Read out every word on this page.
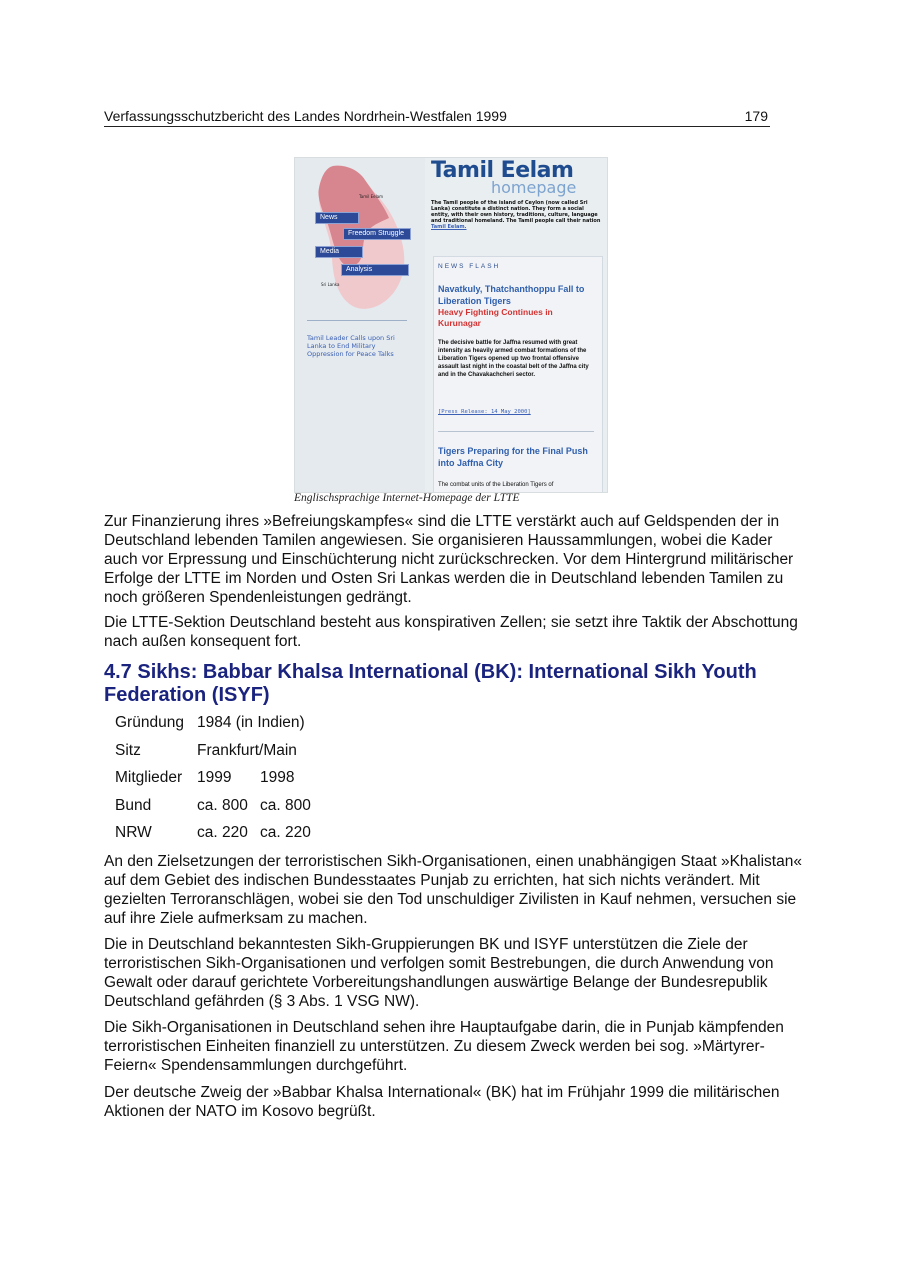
Verfassungsschutzbericht des Landes Nordrhein-Westfalen 1999	179
Tamil Eelam
Sri Lanka
News
Freedom Struggle
Media
Analysis
Tamil Leader Calls upon Sri Lanka to End Military Oppression for Peace Talks
Tamil Eelam
homepage
The Tamil people of the island of Ceylon (now called Sri Lanka) constitute a distinct nation. They form a social entity, with their own history, traditions, culture, language and traditional homeland. The Tamil people call their nation Tamil Eelam.
NEWS FLASH
Navatkuly, Thatchanthoppu Fall to Liberation Tigers
Heavy Fighting Continues in Kurunagar
The decisive battle for Jaffna resumed with great intensity as heavily armed combat formations of the Liberation Tigers opened up two frontal offensive assault last night in the coastal belt of the Jaffna city and in the Chavakachcheri sector.
[Press Release: 14 May 2000]
Tigers Preparing for the Final Push into Jaffna City
The combat units of the Liberation Tigers of
Englischsprachige Internet-Homepage der LTTE

Zur Finanzierung ihres »Befreiungskampfes« sind die LTTE verstärkt auch auf Geldspenden der in Deutschland lebenden Tamilen angewiesen. Sie organisieren Haussammlungen, wobei die Kader auch vor Erpressung und Einschüchterung nicht zurückschrecken. Vor dem Hintergrund militärischer Erfolge der LTTE im Norden und Osten Sri Lankas werden die in Deutschland lebenden Tamilen zu noch größeren Spendenleistungen gedrängt.

Die LTTE-Sektion Deutschland besteht aus konspirativen Zellen; sie setzt ihre Taktik der Abschottung nach außen konsequent fort.

4.7 Sikhs: Babbar Khalsa International (BK): International Sikh Youth Federation (ISYF)
Gründung 1984 (in Indien)
Sitz	Frankfurt/Main
Mitglieder 1999 1998
Bund	ca. 800 ca. 800
NRW	ca. 220 ca. 220

An den Zielsetzungen der terroristischen Sikh-Organisationen, einen unabhängigen Staat »Khalistan« auf dem Gebiet des indischen Bundesstaates Punjab zu errichten, hat sich nichts verändert. Mit gezielten Terroranschlägen, wobei sie den Tod unschuldiger Zivilisten in Kauf nehmen, versuchen sie auf ihre Ziele aufmerksam zu machen.

Die in Deutschland bekanntesten Sikh-Gruppierungen BK und ISYF unterstützen die Ziele der terroristischen Sikh-Organisationen und verfolgen somit Bestrebungen, die durch Anwendung von Gewalt oder darauf gerichtete Vorbereitungshandlungen auswärtige Belange der Bundesrepublik Deutschland gefährden (§ 3 Abs. 1 VSG NW).

Die Sikh-Organisationen in Deutschland sehen ihre Hauptaufgabe darin, die in Punjab kämpfenden terroristischen Einheiten finanziell zu unterstützen. Zu diesem Zweck werden bei sog. »Märtyrer-Feiern« Spendensammlungen durchgeführt.

Der deutsche Zweig der »Babbar Khalsa International« (BK) hat im Frühjahr 1999 die militärischen Aktionen der NATO im Kosovo begrüßt.
